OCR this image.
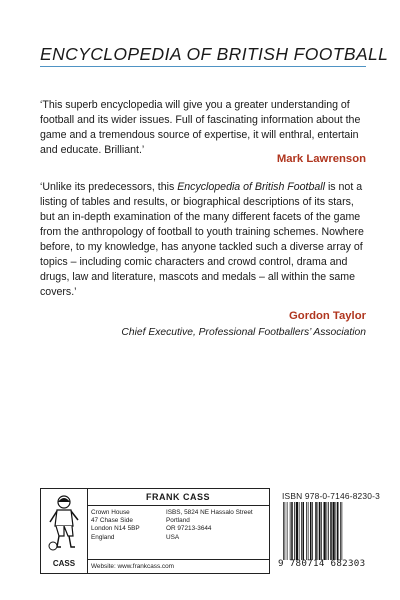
ENCYCLOPEDIA OF BRITISH FOOTBALL
‘This superb encyclopedia will give you a greater understanding of football and its wider issues. Full of fascinating information about the game and a tremendous source of expertise, it will enthral, entertain and educate. Brilliant.’
Mark Lawrenson
‘Unlike its predecessors, this Encyclopedia of British Football is not a listing of tables and results, or biographical descriptions of its stars, but an in-depth examination of the many different facets of the game from the anthropology of football to youth training schemes. Nowhere before, to my knowledge, has anyone tackled such a diverse array of topics – including comic characters and crowd control, drama and drugs, law and literature, mascots and medals – all within the same covers.’
Gordon Taylor
Chief Executive, Professional Footballers’ Association
CASS
FRANK CASS
Crown House
47 Chase Side
London N14 5BP
England
ISBS, 5824 NE Hassalo Street
Portland
OR 97213-3644
USA
Website: www.frankcass.com
ISBN 978-0-7146-8230-3
9 780714 682303
